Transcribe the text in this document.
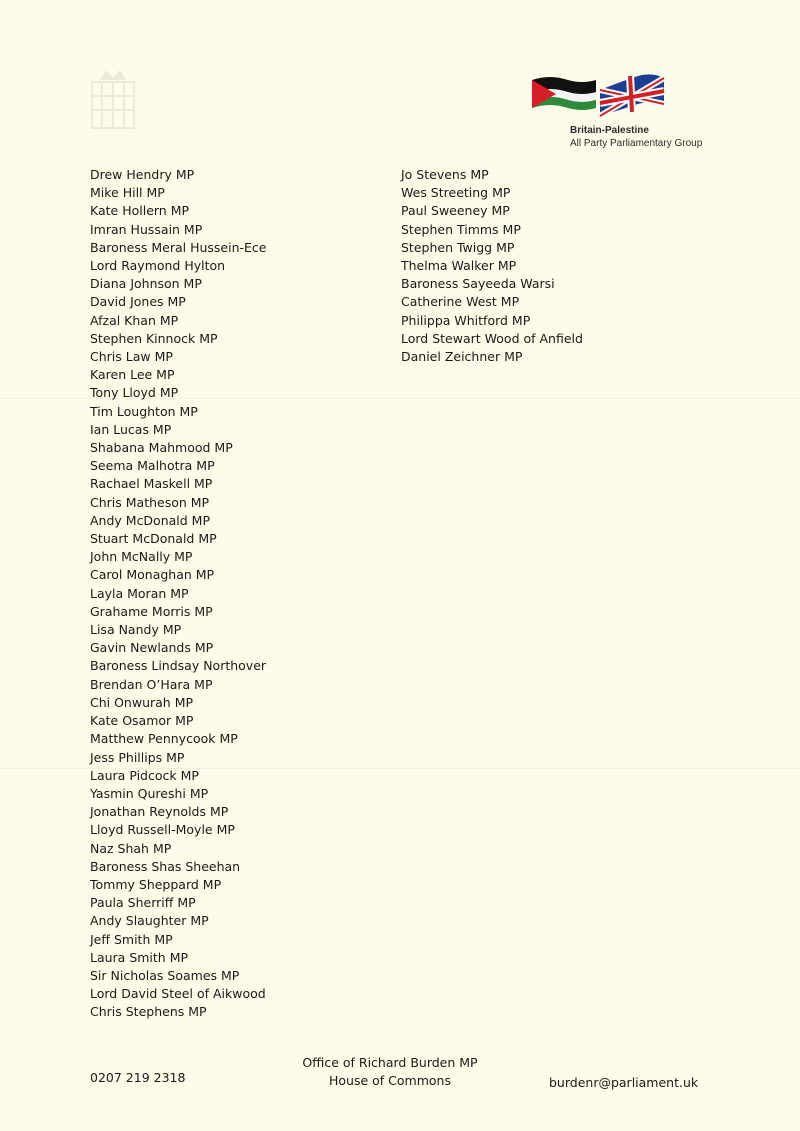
Britain-Palestine
All Party Parliamentary Group
Drew Hendry MP
Mike Hill MP
Kate Hollern MP
Imran Hussain MP
Baroness Meral Hussein-Ece
Lord Raymond Hylton
Diana Johnson MP
David Jones MP
Afzal Khan MP
Stephen Kinnock MP
Chris Law MP
Karen Lee MP
Tony Lloyd MP
Tim Loughton MP
Ian Lucas MP
Shabana Mahmood MP
Seema Malhotra MP
Rachael Maskell MP
Chris Matheson MP
Andy McDonald MP
Stuart McDonald MP
John McNally MP
Carol Monaghan MP
Layla Moran MP
Grahame Morris MP
Lisa Nandy MP
Gavin Newlands MP
Baroness Lindsay Northover
Brendan O’Hara MP
Chi Onwurah MP
Kate Osamor MP
Matthew Pennycook MP
Jess Phillips MP
Laura Pidcock MP
Yasmin Qureshi MP
Jonathan Reynolds MP
Lloyd Russell-Moyle MP
Naz Shah MP
Baroness Shas Sheehan
Tommy Sheppard MP
Paula Sherriff MP
Andy Slaughter MP
Jeff Smith MP
Laura Smith MP
Sir Nicholas Soames MP
Lord David Steel of Aikwood
Chris Stephens MP
Jo Stevens MP
Wes Streeting MP
Paul Sweeney MP
Stephen Timms MP
Stephen Twigg MP
Thelma Walker MP
Baroness Sayeeda Warsi
Catherine West MP
Philippa Whitford MP
Lord Stewart Wood of Anfield
Daniel Zeichner MP
0207 219 2318
Office of Richard Burden MP
House of Commons	burdenr@parliament.uk
